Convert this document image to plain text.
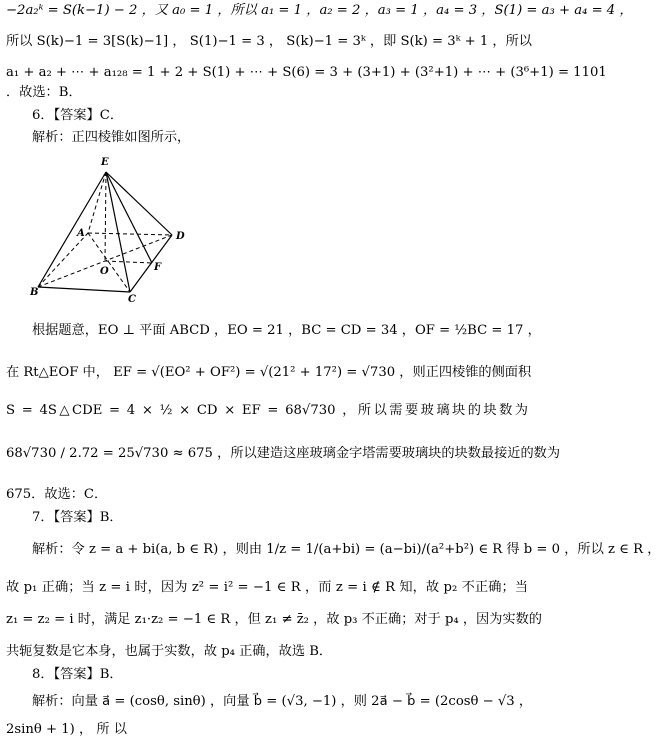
−2a₂ᵏ = S(k−1) − 2 ，又 a₀ = 1 ，所以 a₁ = 1 ，a₂ = 2 ，a₃ = 1 ，a₄ = 3 ，S(1) = a₃ + a₄ = 4 ，
所以 S(k)−1 = 3[S(k)−1] ， S(1)−1 = 3 ， S(k)−1 = 3ᵏ ，即 S(k) = 3ᵏ + 1 ，所以
a₁ + a₂ + ⋯ + a₁₂₈ = 1 + 2 + S(1) + ⋯ + S(6) = 3 + (3+1) + (3²+1) + ⋯ + (3⁶+1) = 1101
．故选：B．
6．【答案】C．
解析：正四棱锥如图所示，
E
A	D
O	F
B
C
根据题意，EO ⊥ 平面 ABCD ，EO = 21 ，BC = CD = 34 ，OF = ½BC = 17 ，
在 Rt△EOF 中， EF = √(EO² + OF²) = √(21² + 17²) = √730 ，则正四棱锥的侧面积
S = 4S△CDE = 4 × ½ × CD × EF = 68√730 ，所以需要玻璃块的块数为
68√730 / 2.72 = 25√730 ≈ 675 ，所以建造这座玻璃金字塔需要玻璃块的块数最接近的数为
675．故选：C．
7．【答案】B．
解析：令 z = a + bi(a, b ∈ R) ，则由 1/z = 1/(a+bi) = (a−bi)/(a²+b²) ∈ R 得 b = 0 ，所以 z ∈ R ，
故 p₁ 正确；当 z = i 时，因为 z² = i² = −1 ∈ R ，而 z = i ∉ R 知，故 p₂ 不正确；当
z₁ = z₂ = i 时，满足 z₁·z₂ = −1 ∈ R ，但 z₁ ≠ z̄₂ ，故 p₃ 不正确；对于 p₄ ，因为实数的
共轭复数是它本身，也属于实数，故 p₄ 正确，故选 B．
8．【答案】B．
解析：向量 a⃗ = (cosθ, sinθ) ，向量 b⃗ = (√3, −1) ，则 2a⃗ − b⃗ = (2cosθ − √3 ，
2sinθ + 1) ， 所 以
